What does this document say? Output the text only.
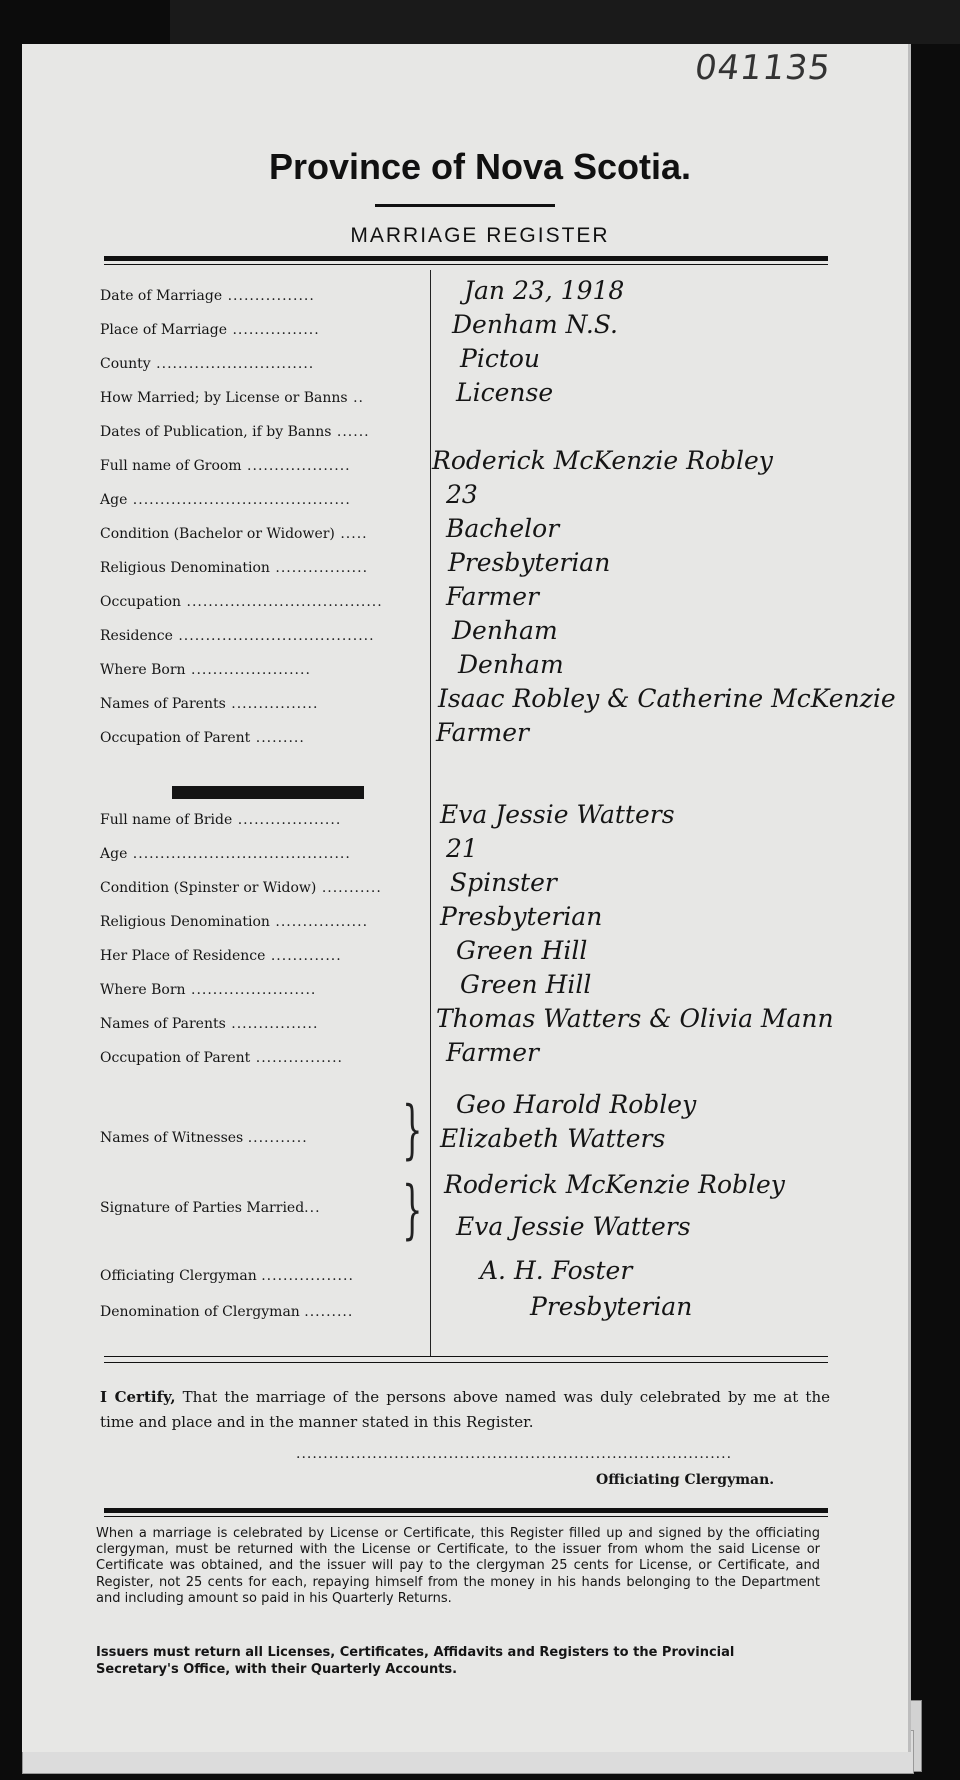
041135
Province of Nova Scotia.
MARRIAGE REGISTER
Date of Marriage ................	Jan 23, 1918
Place of Marriage ................	Denham N.S.
County .............................	Pictou
How Married; by License or Banns ..	License
Dates of Publication, if by Banns ......
Full name of Groom ...................	Roderick McKenzie Robley
Age ........................................	23
Condition (Bachelor or Widower) .....	Bachelor
Religious Denomination .................	Presbyterian
Occupation ....................................	Farmer
Residence ....................................	Denham
Where Born ......................	Denham
Names of Parents ................	Isaac Robley & Catherine McKenzie
Occupation of Parent .........	Farmer
Full name of Bride ...................	Eva Jessie Watters
Age ........................................	21
Condition (Spinster or Widow) ...........	Spinster
Religious Denomination .................	Presbyterian
Her Place of Residence .............	Green Hill
Where Born .......................	Green Hill
Names of Parents ................	Thomas Watters & Olivia Mann
Occupation of Parent ................	Farmer
Names of Witnesses ........... } Geo Harold Robley
Elizabeth Watters
Signature of Parties Married... } Roderick McKenzie Robley
Eva Jessie Watters
Officiating Clergyman .................	A. H. Foster
Denomination of Clergyman .........	Presbyterian
I Certify, That the marriage of the persons above named was duly celebrated by me at the time and place and in the manner stated in this Register.
................................................................................
Officiating Clergyman.
When a marriage is celebrated by License or Certificate, this Register filled up and signed by the officiating clergyman, must be returned with the License or Certificate, to the issuer from whom the said License or Certificate was obtained, and the issuer will pay to the clergyman 25 cents for License, or Certificate, and Register, not 25 cents for each, repaying himself from the money in his hands belonging to the Department and including amount so paid in his Quarterly Returns.
Issuers must return all Licenses, Certificates, Affidavits and Registers to the Provincial Secretary's Office, with their Quarterly Accounts.
